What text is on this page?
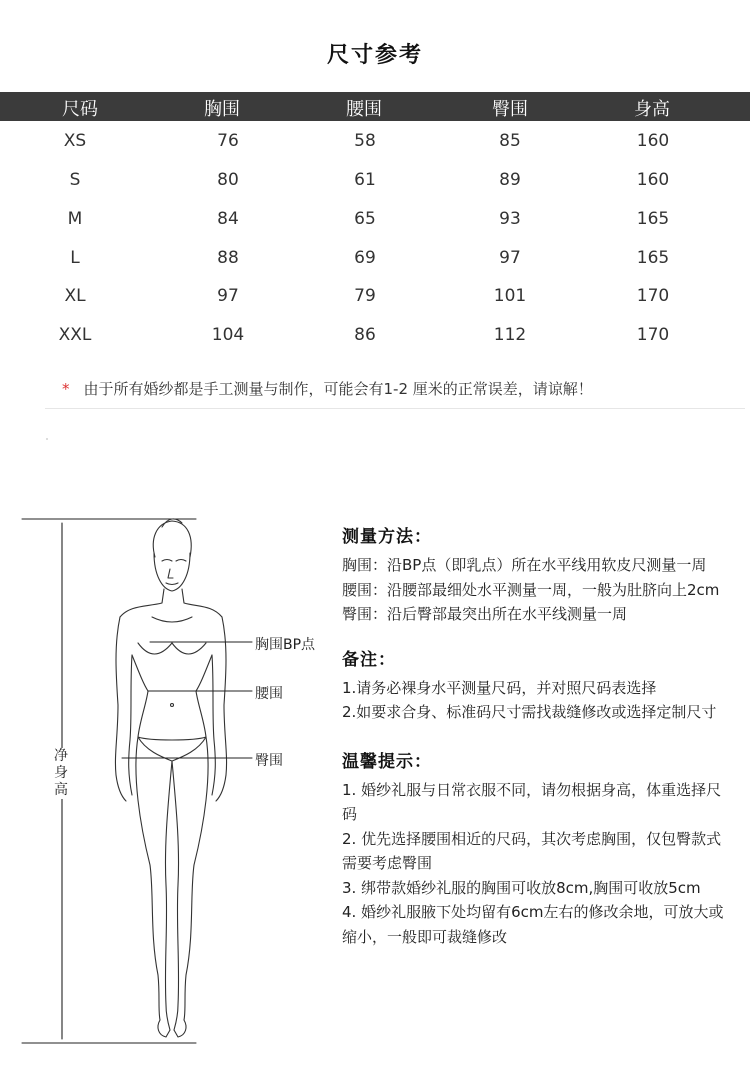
尺寸参考
尺码	胸围	腰围	臀围	身高
XS	76	58	85	160
S	80	61	89	160
M	84	65	93	165
L	88	69	97	165
XL	97	79	101	170
XXL	104	86	112	170
* 由于所有婚纱都是手工测量与制作，可能会有1-2 厘米的正常误差，请谅解！
胸围BP点
腰围
臀围
净身高
测量方法：

胸围：沿BP点（即乳点）所在水平线用软皮尺测量一周

腰围：沿腰部最细处水平测量一周，一般为肚脐向上2cm

臀围：沿后臀部最突出所在水平线测量一周

备注：

1.请务必裸身水平测量尺码，并对照尺码表选择

2.如要求合身、标准码尺寸需找裁缝修改或选择定制尺寸

温馨提示：

1. 婚纱礼服与日常衣服不同，请勿根据身高，体重选择尺码

2. 优先选择腰围相近的尺码，其次考虑胸围，仅包臀款式需要考虑臀围

3. 绑带款婚纱礼服的胸围可收放8cm,胸围可收放5cm

4. 婚纱礼服腋下处均留有6cm左右的修改余地，可放大或缩小，一般即可裁缝修改
